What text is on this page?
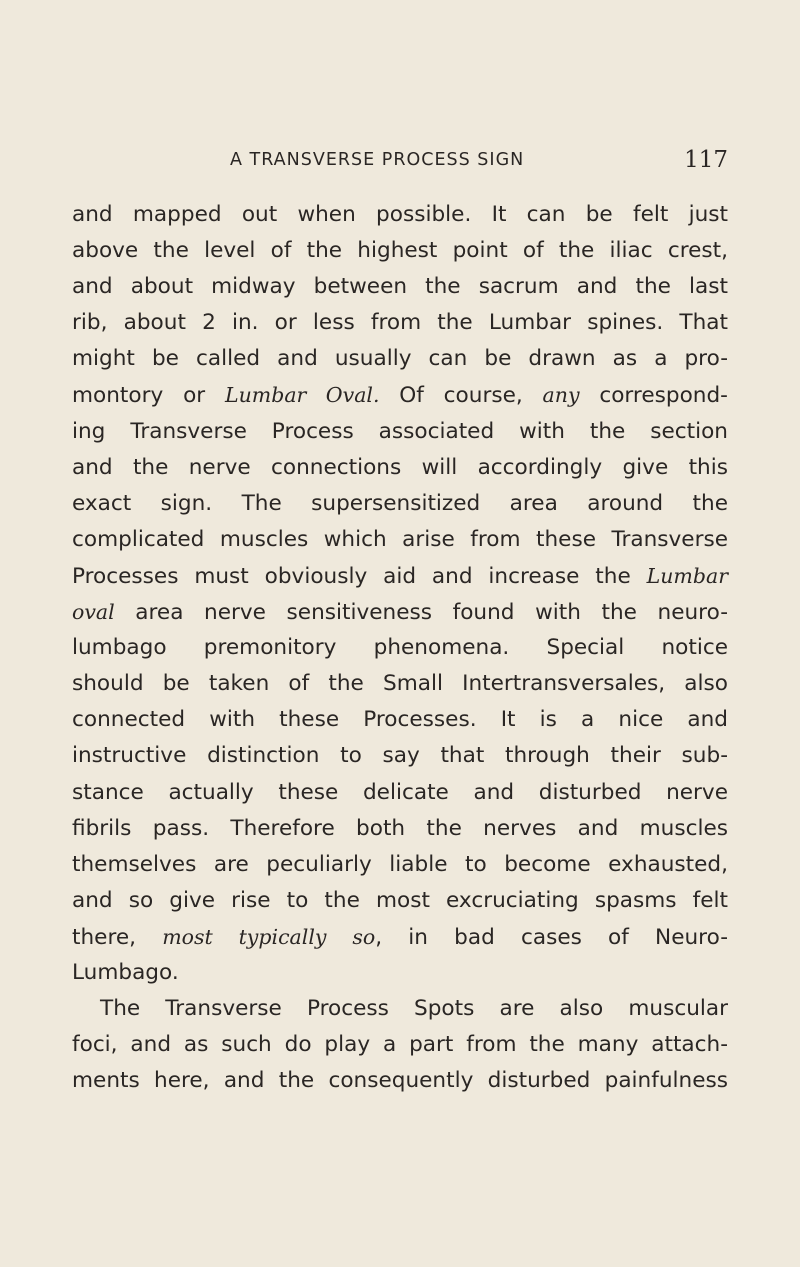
A TRANSVERSE PROCESS SIGN	117
and mapped out when possible. It can be felt just
above the level of the highest point of the iliac crest,
and about midway between the sacrum and the last
rib, about 2 in. or less from the Lumbar spines. That
might be called and usually can be drawn as a pro-
montory or Lumbar Oval. Of course, any correspond-
ing Transverse Process associated with the section
and the nerve connections will accordingly give this
exact sign. The supersensitized area around the
complicated muscles which arise from these Transverse
Processes must obviously aid and increase the Lumbar
oval area nerve sensitiveness found with the neuro-
lumbago premonitory phenomena. Special notice
should be taken of the Small Intertransversales, also
connected with these Processes. It is a nice and
instructive distinction to say that through their sub-
stance actually these delicate and disturbed nerve
fibrils pass. Therefore both the nerves and muscles
themselves are peculiarly liable to become exhausted,
and so give rise to the most excruciating spasms felt
there, most typically so, in bad cases of Neuro-
Lumbago.
The Transverse Process Spots are also muscular
foci, and as such do play a part from the many attach-
ments here, and the consequently disturbed painfulness
